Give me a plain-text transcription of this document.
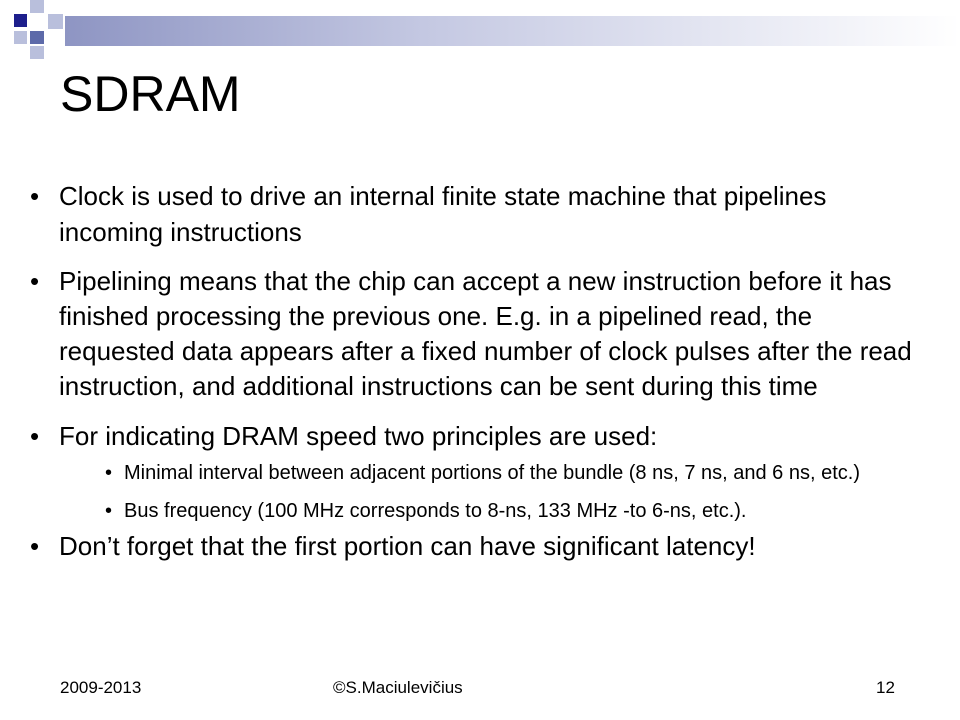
SDRAM
• Clock is used to drive an internal finite state machine that pipelines incoming instructions
• Pipelining means that the chip can accept a new instruction before it has finished processing the previous one. E.g. in a pipelined read, the requested data appears after a fixed number of clock pulses after the read instruction, and additional instructions can be sent during this time
• For indicating DRAM speed two principles are used:
• Minimal interval between adjacent portions of the bundle (8 ns, 7 ns, and 6 ns, etc.)
• Bus frequency (100 MHz corresponds to 8-ns, 133 MHz -to 6-ns, etc.).
• Don’t forget that the first portion can have significant latency!
2009-2013	©S.Maciulevičius	12
